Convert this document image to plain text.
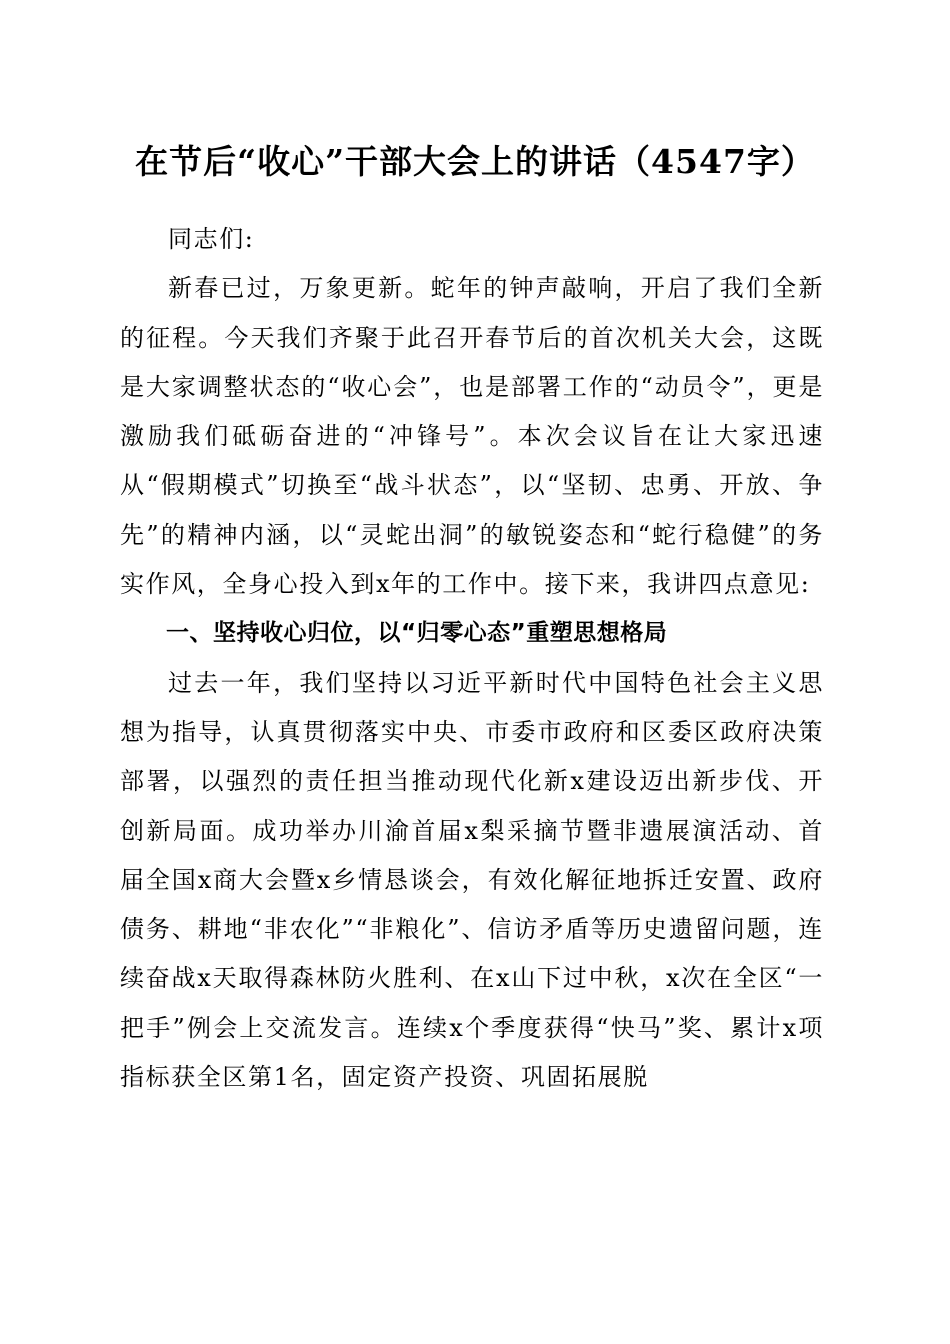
在节后“收心”干部大会上的讲话（4547字）

同志们:

新春已过，万象更新。蛇年的钟声敲响，开启了我们全新的征程。今天我们齐聚于此召开春节后的首次机关大会，这既是大家调整状态的“收心会”，也是部署工作的“动员令”，更是激励我们砥砺奋进的“冲锋号”。本次会议旨在让大家迅速从“假期模式”切换至“战斗状态”，以“坚韧、忠勇、开放、争先”的精神内涵，以“灵蛇出洞”的敏锐姿态和“蛇行稳健”的务实作风，全身心投入到x年的工作中。接下来，我讲四点意见:

一、坚持收心归位，以“归零心态”重塑思想格局

过去一年，我们坚持以习近平新时代中国特色社会主义思想为指导，认真贯彻落实中央、市委市政府和区委区政府决策部署，以强烈的责任担当推动现代化新x建设迈出新步伐、开创新局面。成功举办川渝首届x梨采摘节暨非遗展演活动、首届全国x商大会暨x乡情恳谈会，有效化解征地拆迁安置、政府债务、耕地“非农化”“非粮化”、信访矛盾等历史遗留问题，连续奋战x天取得森林防火胜利、在x山下过中秋，x次在全区“一把手”例会上交流发言。连续x个季度获得“快马”奖、累计x项指标获全区第1名，固定资产投资、巩固拓展脱
